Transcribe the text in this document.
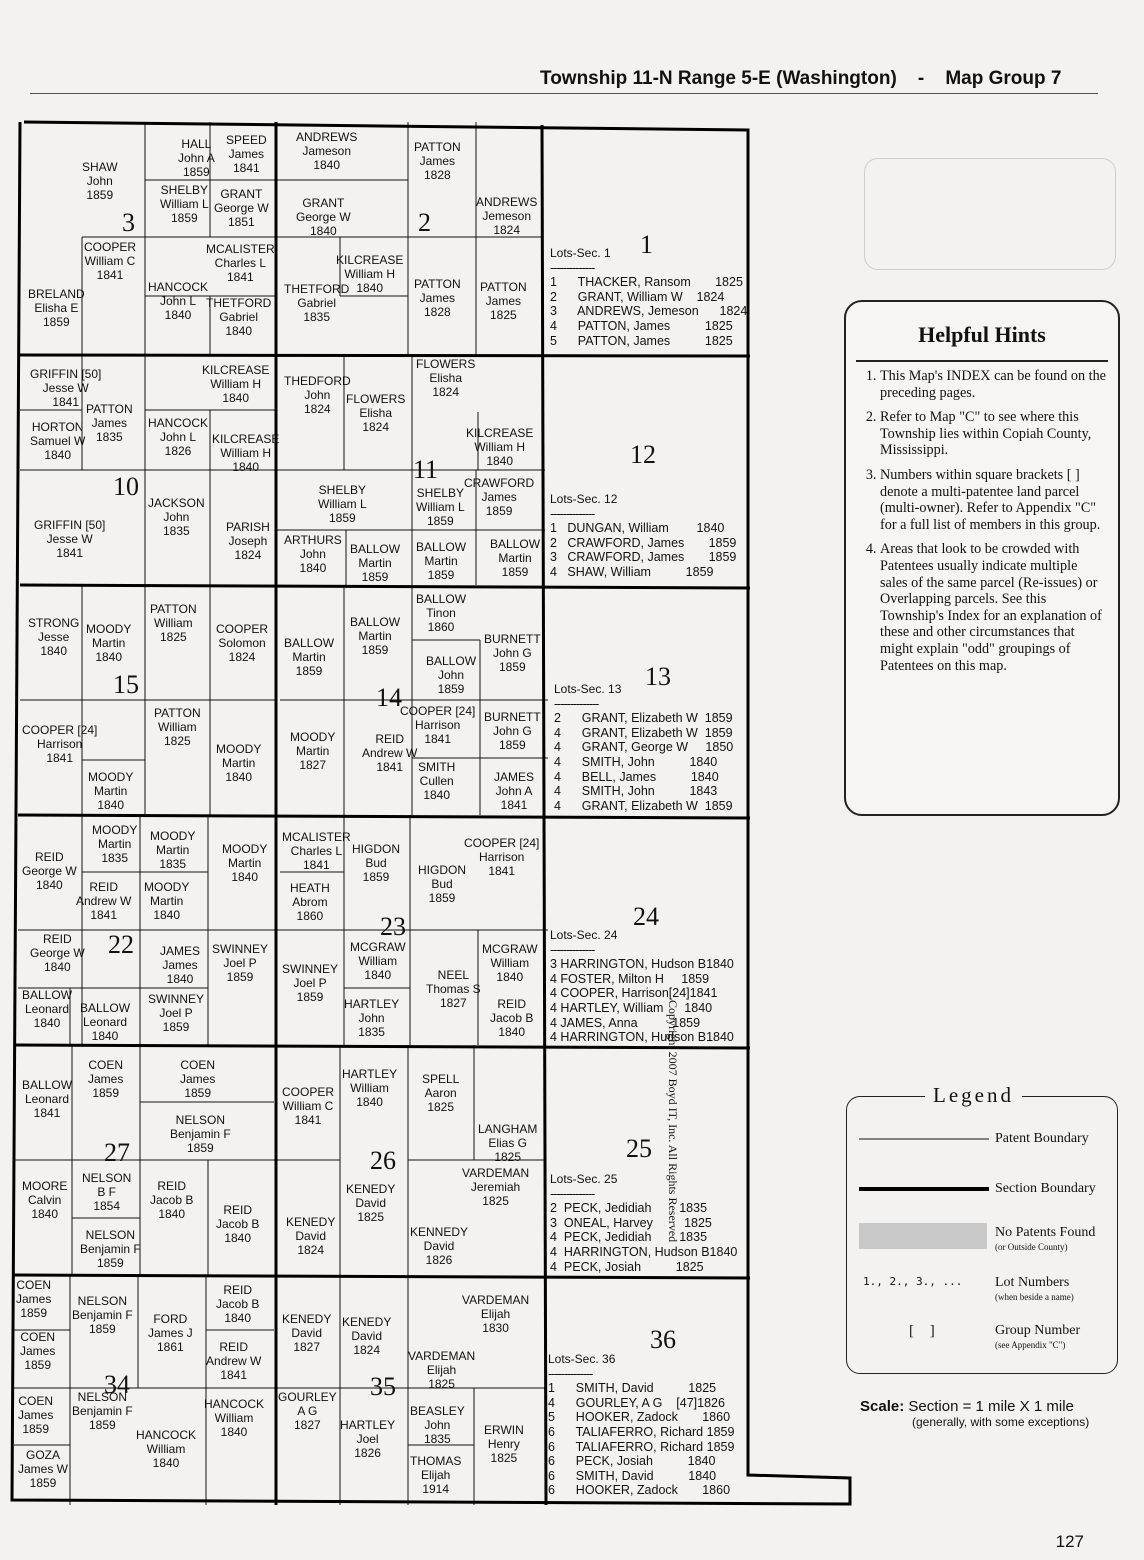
Township 11-N Range 5-E (Washington) - Map Group 7
3	2
1
10
11
12
15	14
13
22
23	24
27	26	25
34	35
36
SHAW
John
1859
HALL
John A
1859
SPEED
James
1841
SHELBY
William L
1859
GRANT
George W
1851
ANDREWS
Jameson
1840
PATTON
James
1828
GRANT
George W
1840
ANDREWS
Jemeson
1824
COOPER
William C
1841
MCALISTER
Charles L
1841
BRELAND
Elisha E
1859
HANCOCK
John L
1840
THETFORD
Gabriel
1840
KILCREASE
William H
1840
THETFORD
Gabriel
1835
PATTON
James
1828
PATTON
James
1825
GRIFFIN [50]
Jesse W
1841
KILCREASE
William H
1840
THEDFORD
John
1824
FLOWERS
Elisha
1824
PATTON
James
1835
HORTON
Samuel W
1840
HANCOCK
John L
1826
KILCREASE
William H
1840
FLOWERS
Elisha
1824
KILCREASE
William H
1840
JACKSON
John
1835
SHELBY
William L
1859
SHELBY
William L
1859
CRAWFORD
James
1859
GRIFFIN [50]
Jesse W
1841
PARISH
Joseph
1824
ARTHURS
John
1840
BALLOW
Martin
1859
BALLOW
Martin
1859
BALLOW
Martin
1859
STRONG
Jesse
1840
MOODY
Martin
1840
PATTON
William
1825
COOPER
Solomon
1824
BALLOW
Martin
1859
BALLOW
Martin
1859
BALLOW
Tinon
1860
BALLOW
John
1859
BURNETT
John G
1859
COOPER [24]
Harrison
1841
PATTON
William
1825
MOODY
Martin
1840
MOODY
Martin
1827
REID
Andrew W
1841
COOPER [24]
Harrison
1841
BURNETT
John G
1859
MOODY
Martin
1840
SMITH
Cullen
1840
JAMES
John A
1841
MOODY
Martin
1835
MOODY
Martin
1835
MOODY
Martin
1840
MCALISTER
Charles L
1841
HIGDON
Bud
1859
COOPER [24]
Harrison
1841
REID
George W
1840	REID
Andrew W
1841
MOODY
Martin
1840
HEATH
Abrom
1860
HIGDON
Bud
1859
REID
George W
1840
JAMES
James
1840
SWINNEY
Joel P
1859
SWINNEY
Joel P
1859
MCGRAW
William
1840	NEEL
Thomas S
1827
MCGRAW
William
1840
BALLOW
Leonard
1840
BALLOW
Leonard
1840
SWINNEY
Joel P
1859
HARTLEY
John
1835
REID
Jacob B
1840
COEN
James
1859
COEN
James
1859
BALLOW
Leonard
1841
HARTLEY
William
1840
SPELL
Aaron
1825
COOPER
William C
1841
NELSON
Benjamin F
1859
LANGHAM
Elias G
1825
MOORE
Calvin
1840
NELSON
B F
1854
REID
Jacob B
1840	REID
Jacob B
1840
KENEDY
David
1825
VARDEMAN
Jeremiah
1825
NELSON
Benjamin F
1859
KENEDY
David
1824
KENNEDY
David
1826
COEN
James
1859
NELSON
Benjamin F
1859
REID
Jacob B
1840
VARDEMAN
Elijah
1830
COEN
James
1859
FORD
James J
1861
KENEDY
David
1827
KENEDY
David
1824
REID
Andrew W
1841
VARDEMAN
Elijah
1825
COEN
James
1859
NELSON
Benjamin F
1859
HANCOCK
William
1840
GOURLEY
A G
1827
BEASLEY
John
1835
HANCOCK
William
1840
HARTLEY
Joel
1826
ERWIN
Henry
1825
GOZA
James W
1859
THOMAS
Elijah
1914
Lots-Sec. 1
--------------
1      THACKER, Ransom       1825
2      GRANT, William W    1824
3      ANDREWS, Jemeson      1824
4      PATTON, James          1825
5      PATTON, James          1825
Lots-Sec. 12
--------------
1   DUNGAN, William        1840
2   CRAWFORD, James       1859
3   CRAWFORD, James       1859
4   SHAW, William          1859
Lots-Sec. 13
--------------
2      GRANT, Elizabeth W  1859
4      GRANT, Elizabeth W  1859
4      GRANT, George W     1850
4      SMITH, John          1840
4      BELL, James          1840
4      SMITH, John          1843
4      GRANT, Elizabeth W  1859
Lots-Sec. 24
--------------
3 HARRINGTON, Hudson B1840
4 FOSTER, Milton H     1859
4 COOPER, Harrison[24]1841
4 HARTLEY, William      1840
4 JAMES, Anna          1859
4 HARRINGTON, Hudson B1840
Lots-Sec. 25
--------------
2  PECK, Jedidiah        1835
3  ONEAL, Harvey         1825
4  PECK, Jedidiah        1835
4  HARRINGTON, Hudson B1840
4  PECK, Josiah          1825
Lots-Sec. 36
--------------
1      SMITH, David          1825
4      GOURLEY, A G    [47]1826
5      HOOKER, Zadock       1860
6      TALIAFERRO, Richard 1859
6      TALIAFERRO, Richard 1859
6      PECK, Josiah          1840
6      SMITH, David          1840
6      HOOKER, Zadock       1860
Copyright 2007 Boyd IT, Inc. All Rights Reserved
Helpful Hints
1. This Map's INDEX can be found on the preceding pages.
2. Refer to Map "C" to see where this Township lies within Copiah County, Mississippi.
3. Numbers within square brackets [ ] denote a multi-patentee land parcel (multi-owner). Refer to Appendix "C" for a full list of members in this group.
4. Areas that look to be crowded with Patentees usually indicate multiple sales of the same parcel (Re-issues) or Overlapping parcels. See this Township's Index for an explanation of these and other circumstances that might explain "odd" groupings of Patentees on this map.
Legend
Patent Boundary
Section Boundary
No Patents Found
(or Outside County)
1., 2., 3., ... Lot Numbers
(when beside a name)
[ ]	Group Number
(see Appendix "C")
Scale: Section = 1 mile X 1 mile
(generally, with some exceptions)
127
